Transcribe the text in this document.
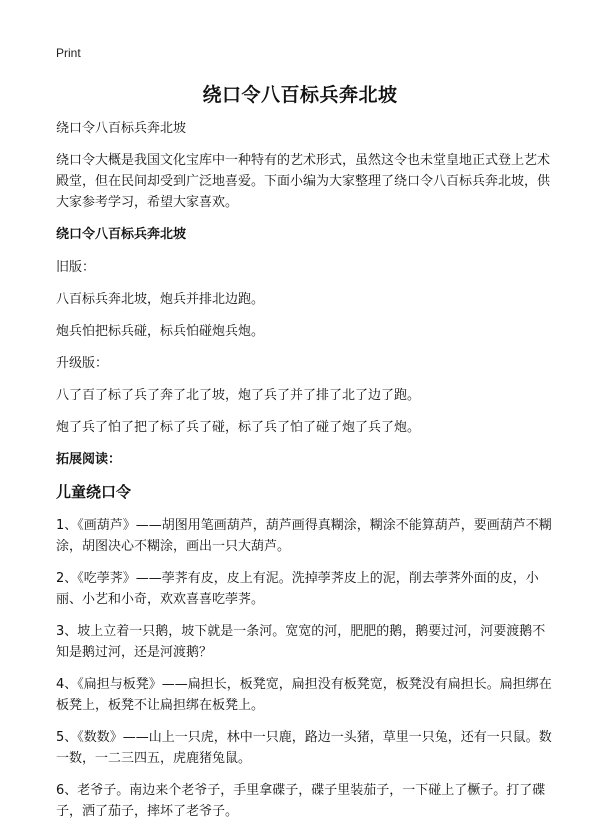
Print
绕口令八百标兵奔北坡

绕口令八百标兵奔北坡

绕口令大概是我国文化宝库中一种特有的艺术形式，虽然这令也未堂皇地正式登上艺术殿堂，但在民间却受到广泛地喜爱。下面小编为大家整理了绕口令八百标兵奔北坡，供大家参考学习，希望大家喜欢。

绕口令八百标兵奔北坡

旧版：

八百标兵奔北坡，炮兵并排北边跑。

炮兵怕把标兵碰，标兵怕碰炮兵炮。

升级版：

八了百了标了兵了奔了北了坡，炮了兵了并了排了北了边了跑。

炮了兵了怕了把了标了兵了碰，标了兵了怕了碰了炮了兵了炮。

拓展阅读：

儿童绕口令

1、《画葫芦》——胡图用笔画葫芦，葫芦画得真糊涂，糊涂不能算葫芦，要画葫芦不糊涂，胡图决心不糊涂，画出一只大葫芦。

2、《吃荸荠》——荸荠有皮，皮上有泥。洗掉荸荠皮上的泥，削去荸荠外面的皮，小丽、小艺和小奇，欢欢喜喜吃荸荠。

3、坡上立着一只鹅，坡下就是一条河。宽宽的河，肥肥的鹅，鹅要过河，河要渡鹅不知是鹅过河，还是河渡鹅？

4、《扁担与板凳》——扁担长，板凳宽，扁担没有板凳宽，板凳没有扁担长。扁担绑在板凳上，板凳不让扁担绑在板凳上。

5、《数数》——山上一只虎，林中一只鹿，路边一头猪，草里一只兔，还有一只鼠。数一数，一二三四五，虎鹿猪兔鼠。

6、老爷子。南边来个老爷子，手里拿碟子，碟子里装茄子，一下碰上了橛子。打了碟子，洒了茄子，摔坏了老爷子。
